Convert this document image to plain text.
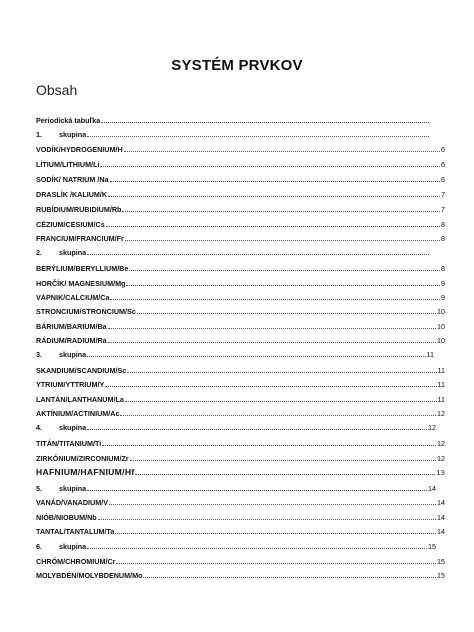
SYSTÉM PRVKOV
Obsah
Periodická tabuľka
1.	skupina
VODÍK/HYDROGENIUM/H	6
LÍTIUM/LITHIUM/Li	6
SODÍK/ NATRIUM /Na	6
DRASLÍK /KALIUM/K	7
RUBÍDIUM/RUBIDIUM/Rb	7
CÉZIUM/CESIUM/Cs	8
FRANCIUM/FRANCIUM/Fr	8
2.	skupina
BERÝLIUM/BERYLLIUM/Be	8
HORČÍK/ MAGNESIUM/Mg	9
VÁPNIK/CALCIUM/Ca	9
STRONCIUM/STRONCIUM/Sc	10
BÁRIUM/BARIUM/Ba	10
RÁDIUM/RADIUM/Ra	10
3.	skupina	11
SKANDIUM/SCANDIUM/Sc	11
YTRIUM/YTTRIUM/Y	11
LANTÁN/LANTHANUM/La	11
AKTÍNIUM/ACTINIUM/Ac	12
4.	skupina	12
TITÁN/TITANIUM/Ti	12
ZIRKÓNIUM/ZIRCONIUM/Zr	12
HAFNIUM/HAFNIUM/Hf	13
5.	skupina	14
VANÁD/VANADIUM/V	14
NIÓB/NIOBUM/Nb	14
TANTAL/TANTALUM/Ta	14
6.	skupina	15
CHRÓM/CHROMIUM/Cr	15
MOLYBDÉN/MOLYBDENUM/Mo	15
